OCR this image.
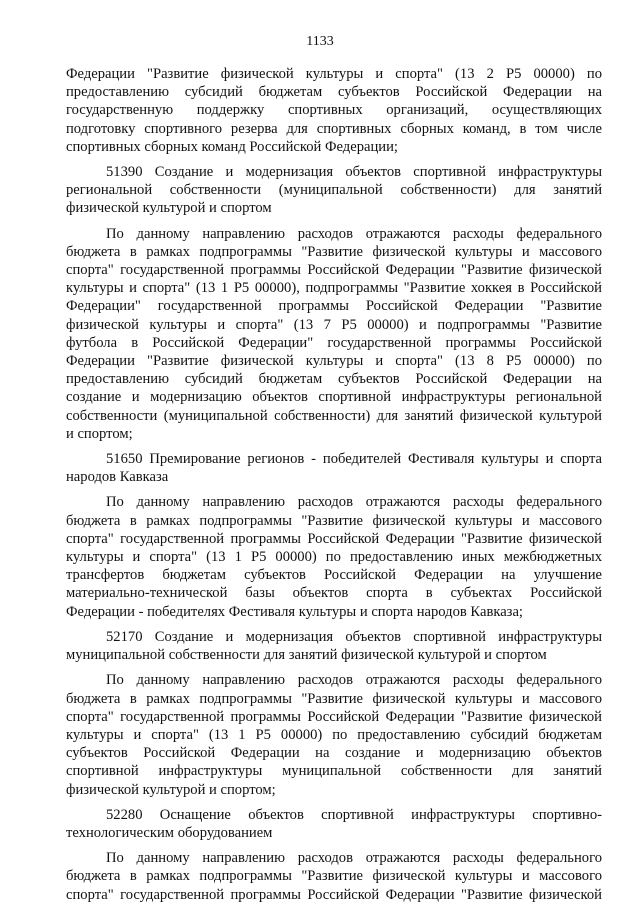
1133
Федерации "Развитие физической культуры и спорта" (13 2 Р5 00000) по
предоставлению субсидий бюджетам субъектов Российской Федерации на
государственную поддержку спортивных организаций, осуществляющих
подготовку спортивного резерва для спортивных сборных команд, в том числе
спортивных сборных команд Российской Федерации;
51390 Создание и модернизация объектов спортивной инфраструктуры
региональной собственности (муниципальной собственности) для занятий
физической культурой и спортом
По данному направлению расходов отражаются расходы федерального
бюджета в рамках подпрограммы "Развитие физической культуры и массового
спорта" государственной программы Российской Федерации "Развитие физической
культуры и спорта" (13 1 Р5 00000), подпрограммы "Развитие хоккея в Российской
Федерации" государственной программы Российской Федерации "Развитие
физической культуры и спорта" (13 7 Р5 00000) и подпрограммы "Развитие
футбола в Российской Федерации" государственной программы Российской
Федерации "Развитие физической культуры и спорта" (13 8 Р5 00000) по
предоставлению субсидий бюджетам субъектов Российской Федерации на
создание и модернизацию объектов спортивной инфраструктуры региональной
собственности (муниципальной собственности) для занятий физической культурой
и спортом;
51650 Премирование регионов - победителей Фестиваля культуры и спорта
народов Кавказа
По данному направлению расходов отражаются расходы федерального
бюджета в рамках подпрограммы "Развитие физической культуры и массового
спорта" государственной программы Российской Федерации "Развитие физической
культуры и спорта" (13 1 Р5 00000) по предоставлению иных межбюджетных
трансфертов бюджетам субъектов Российской Федерации на улучшение
материально-технической базы объектов спорта в субъектах Российской
Федерации - победителях Фестиваля культуры и спорта народов Кавказа;
52170 Создание и модернизация объектов спортивной инфраструктуры
муниципальной собственности для занятий физической культурой и спортом
По данному направлению расходов отражаются расходы федерального
бюджета в рамках подпрограммы "Развитие физической культуры и массового
спорта" государственной программы Российской Федерации "Развитие физической
культуры и спорта" (13 1 Р5 00000) по предоставлению субсидий бюджетам
субъектов Российской Федерации на создание и модернизацию объектов
спортивной инфраструктуры муниципальной собственности для занятий
физической культурой и спортом;
52280 Оснащение объектов спортивной инфраструктуры спортивно-
технологическим оборудованием
По данному направлению расходов отражаются расходы федерального
бюджета в рамках подпрограммы "Развитие физической культуры и массового
спорта" государственной программы Российской Федерации "Развитие физической
